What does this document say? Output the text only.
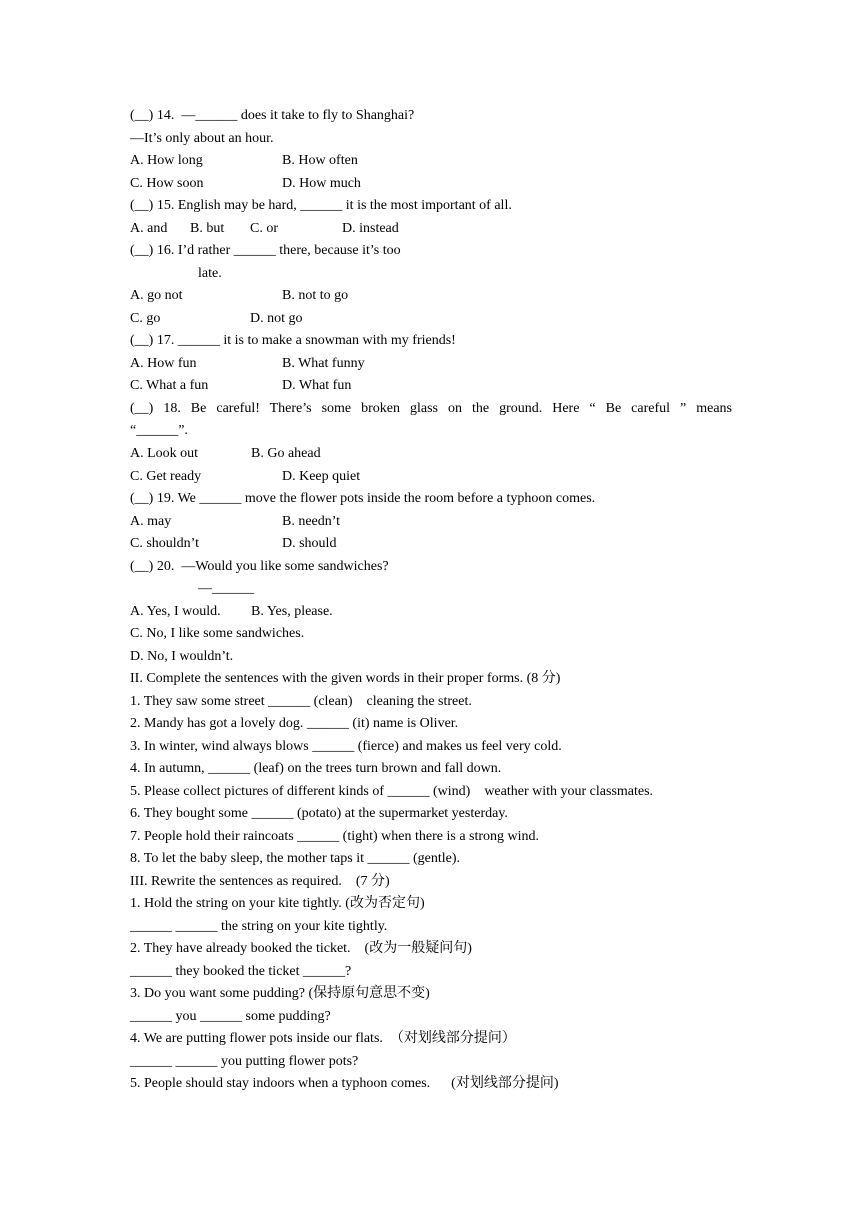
(__) 14.  —______ does it take to fly to Shanghai?
—It’s only about an hour.
A. How long	B. How often
C. How soon	D. How much
(__) 15. English may be hard, ______ it is the most important of all.
A. and B. but C. or	D. instead
(__) 16. I’d rather ______ there, because it’s too
late.
A. go not	B. not to go
C. go	D. not go
(__) 17. ______ it is to make a snowman with my friends!
A. How fun	B. What funny
C. What a fun	D. What fun
(__) 18. Be careful! There’s some broken glass on the ground. Here “ Be careful ” means
“______”.
A. Look out	B. Go ahead
C. Get ready	D. Keep quiet
(__) 19. We ______ move the flower pots inside the room before a typhoon comes.
A. may	B. needn’t
C. shouldn’t	D. should
(__) 20.  —Would you like some sandwiches?
—______
A. Yes, I would. B. Yes, please.
C. No, I like some sandwiches.
D. No, I wouldn’t.
II. Complete the sentences with the given words in their proper forms. (8 分)
1. They saw some street ______ (clean)    cleaning the street.
2. Mandy has got a lovely dog. ______ (it) name is Oliver.
3. In winter, wind always blows ______ (fierce) and makes us feel very cold.
4. In autumn, ______ (leaf) on the trees turn brown and fall down.
5. Please collect pictures of different kinds of ______ (wind)    weather with your classmates.
6. They bought some ______ (potato) at the supermarket yesterday.
7. People hold their raincoats ______ (tight) when there is a strong wind.
8. To let the baby sleep, the mother taps it ______ (gentle).
III. Rewrite the sentences as required.    (7 分)
1. Hold the string on your kite tightly. (改为否定句)
______ ______ the string on your kite tightly.
2. They have already booked the ticket.    (改为一般疑问句)
______ they booked the ticket ______?
3. Do you want some pudding? (保持原句意思不变)
______ you ______ some pudding?
4. We are putting flower pots inside our flats.  （对划线部分提问）
______ ______ you putting flower pots?
5. People should stay indoors when a typhoon comes.      (对划线部分提问)
